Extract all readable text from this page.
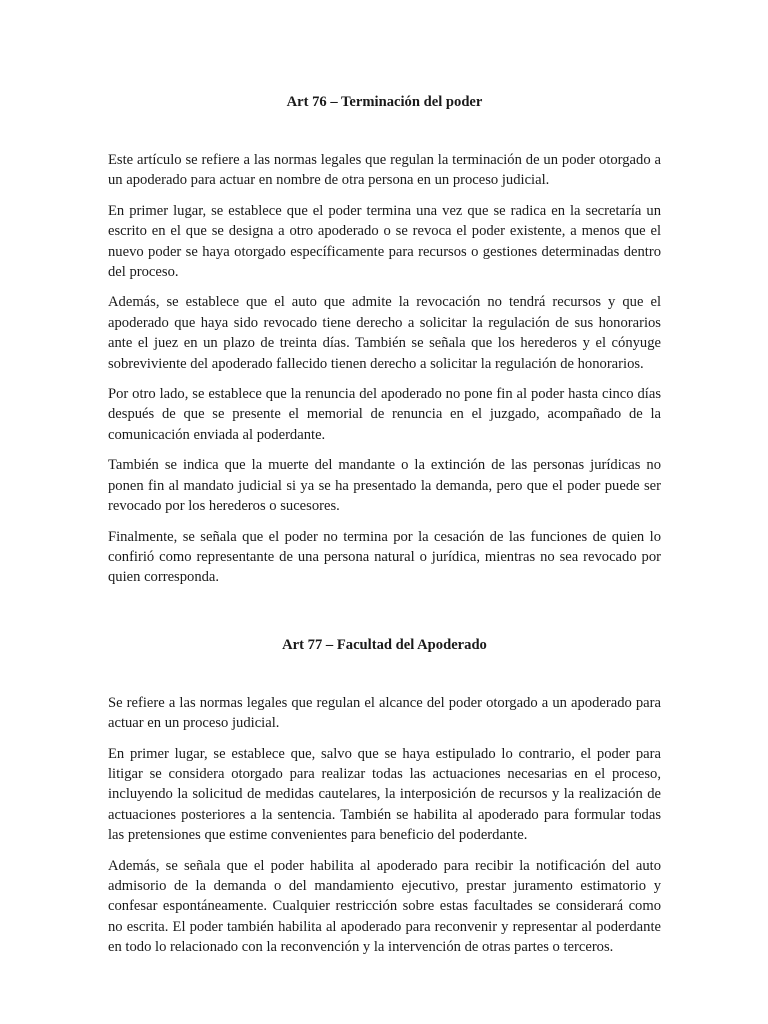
Art 76 – Terminación del poder

Este artículo se refiere a las normas legales que regulan la terminación de un poder otorgado a un apoderado para actuar en nombre de otra persona en un proceso judicial.

En primer lugar, se establece que el poder termina una vez que se radica en la secretaría un escrito en el que se designa a otro apoderado o se revoca el poder existente, a menos que el nuevo poder se haya otorgado específicamente para recursos o gestiones determinadas dentro del proceso.

Además, se establece que el auto que admite la revocación no tendrá recursos y que el apoderado que haya sido revocado tiene derecho a solicitar la regulación de sus honorarios ante el juez en un plazo de treinta días. También se señala que los herederos y el cónyuge sobreviviente del apoderado fallecido tienen derecho a solicitar la regulación de honorarios.

Por otro lado, se establece que la renuncia del apoderado no pone fin al poder hasta cinco días después de que se presente el memorial de renuncia en el juzgado, acompañado de la comunicación enviada al poderdante.

También se indica que la muerte del mandante o la extinción de las personas jurídicas no ponen fin al mandato judicial si ya se ha presentado la demanda, pero que el poder puede ser revocado por los herederos o sucesores.

Finalmente, se señala que el poder no termina por la cesación de las funciones de quien lo confirió como representante de una persona natural o jurídica, mientras no sea revocado por quien corresponda.

Art 77 – Facultad del Apoderado

Se refiere a las normas legales que regulan el alcance del poder otorgado a un apoderado para actuar en un proceso judicial.

En primer lugar, se establece que, salvo que se haya estipulado lo contrario, el poder para litigar se considera otorgado para realizar todas las actuaciones necesarias en el proceso, incluyendo la solicitud de medidas cautelares, la interposición de recursos y la realización de actuaciones posteriores a la sentencia. También se habilita al apoderado para formular todas las pretensiones que estime convenientes para beneficio del poderdante.

Además, se señala que el poder habilita al apoderado para recibir la notificación del auto admisorio de la demanda o del mandamiento ejecutivo, prestar juramento estimatorio y confesar espontáneamente. Cualquier restricción sobre estas facultades se considerará como no escrita. El poder también habilita al apoderado para reconvenir y representar al poderdante en todo lo relacionado con la reconvención y la intervención de otras partes o terceros.
